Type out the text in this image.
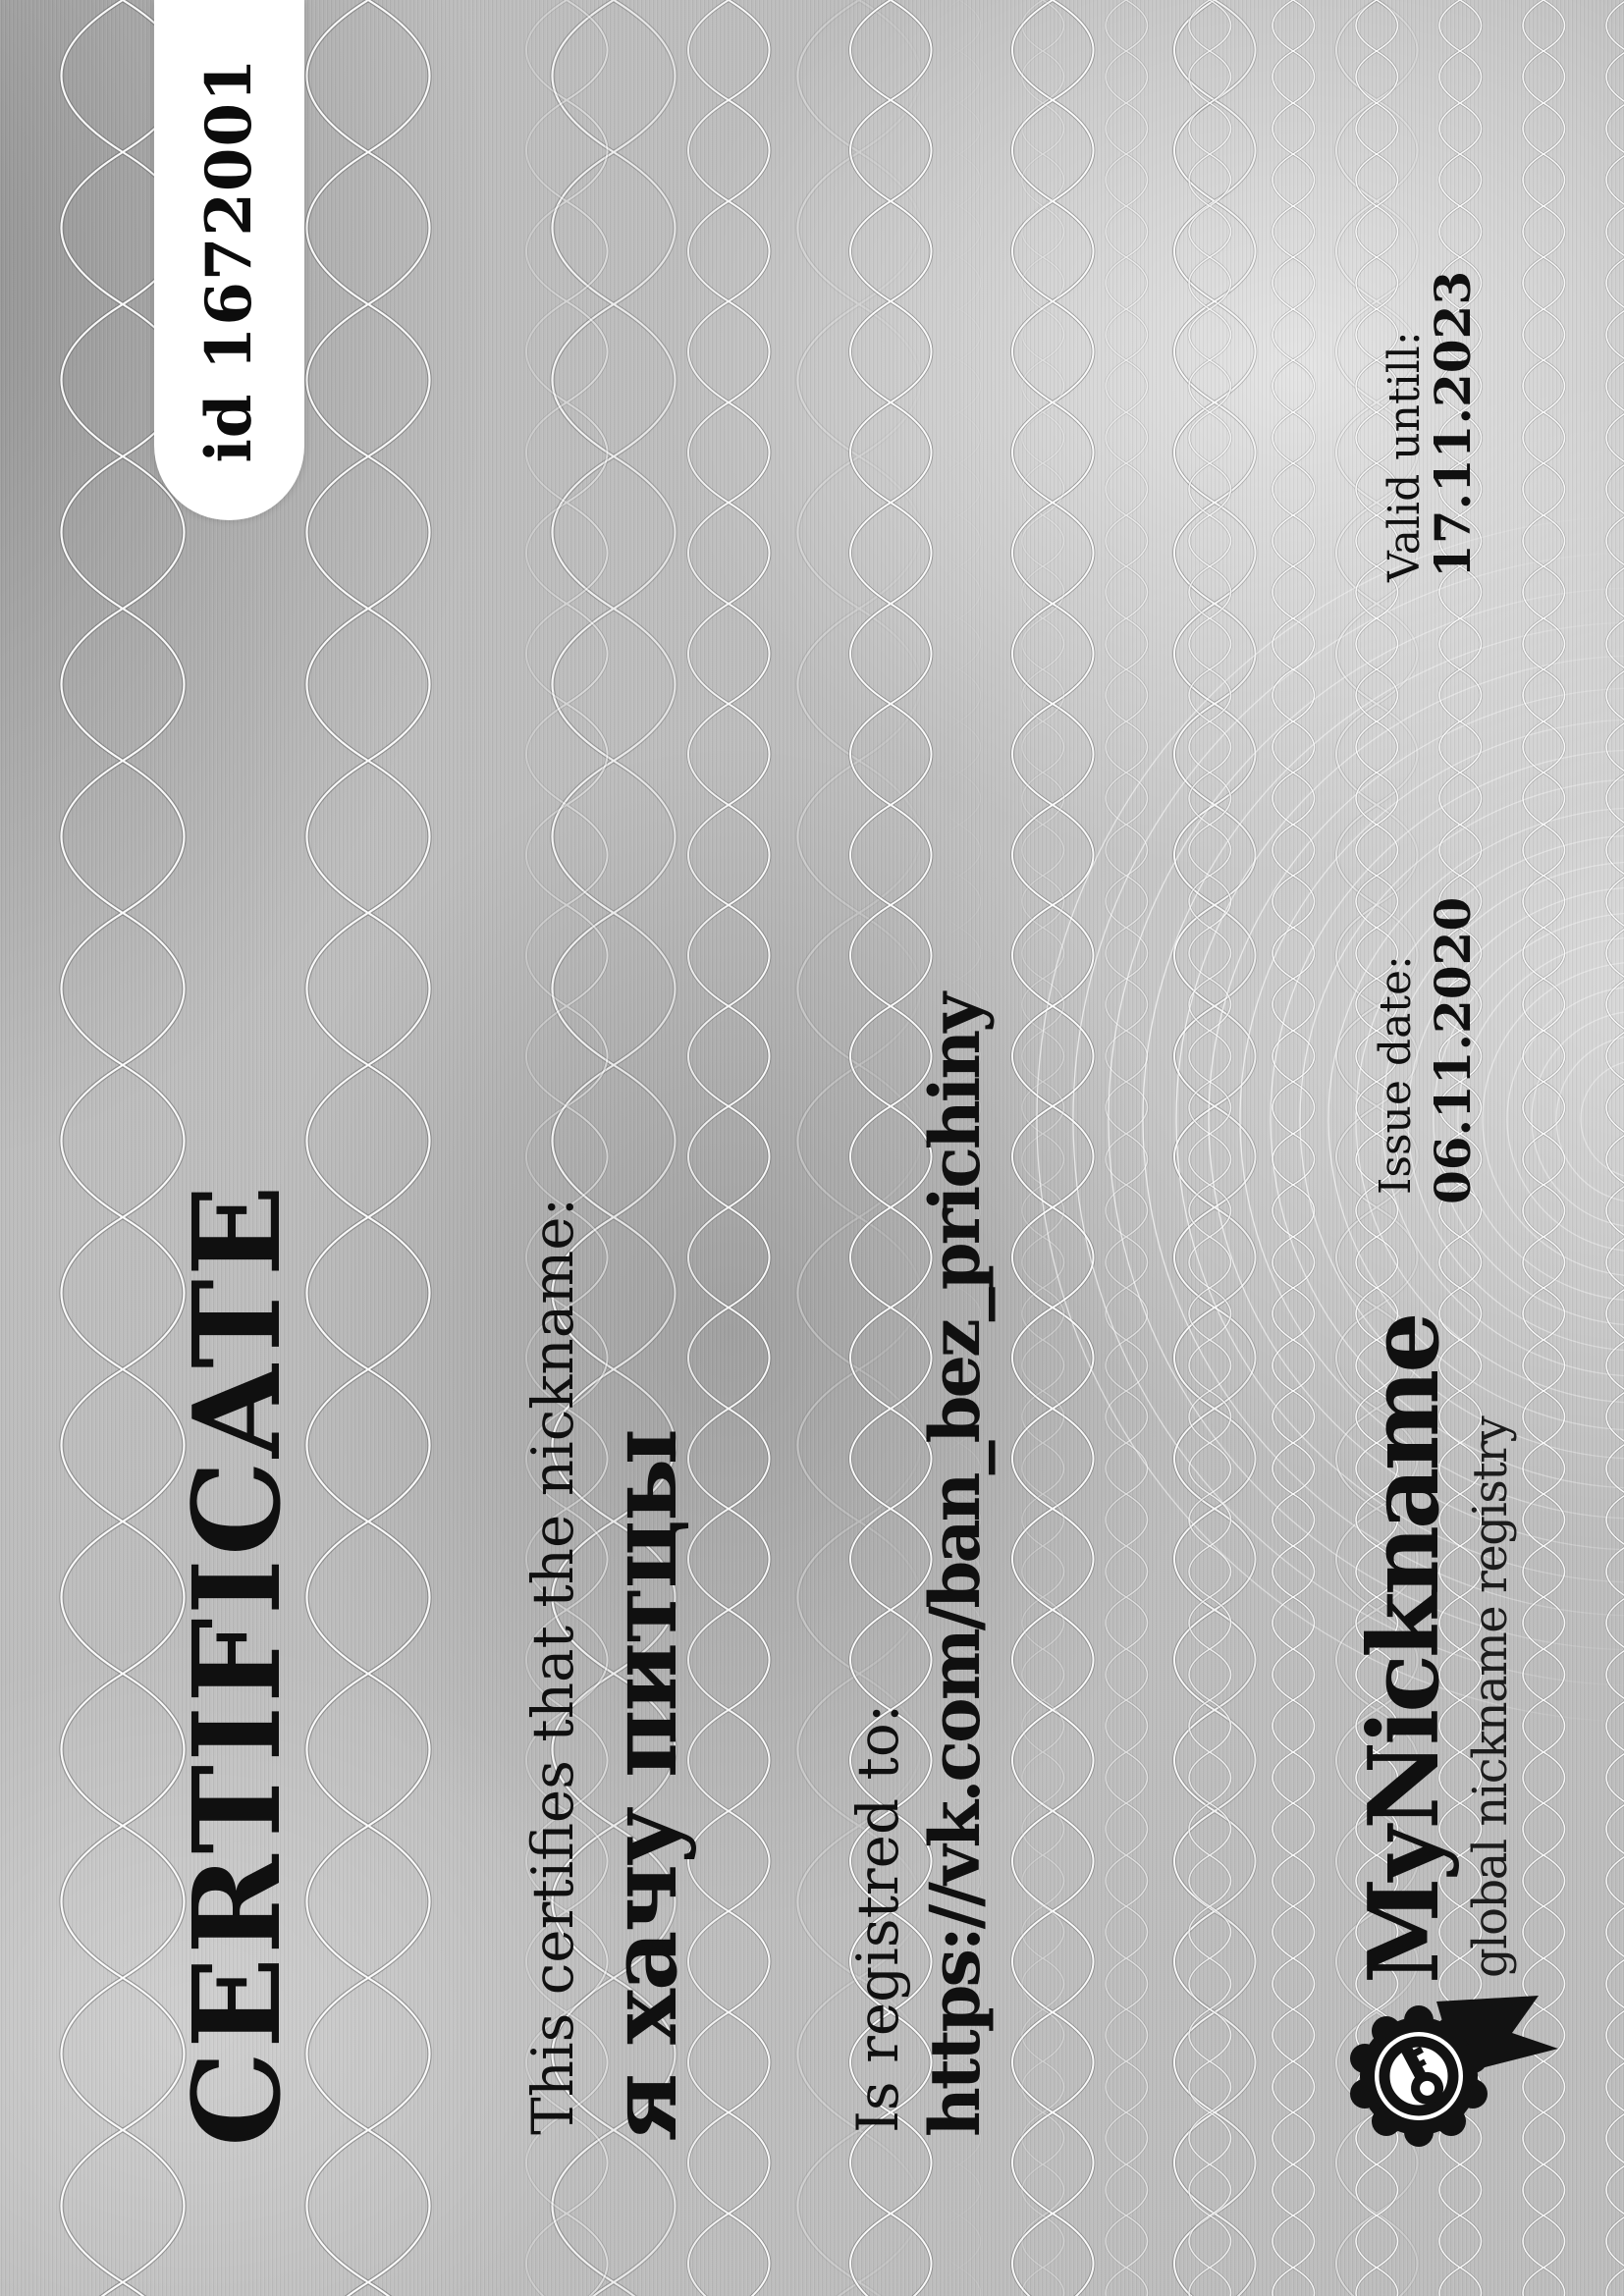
id 1672001
CERTIFICATE	This certifies that the nickname: я хачу питцы	Is registred to: https://vk.com/ban_bez_prichiny	MyNickname global nickname registry
Issue date: 06.11.2020
Valid untill:
17.11.2023
